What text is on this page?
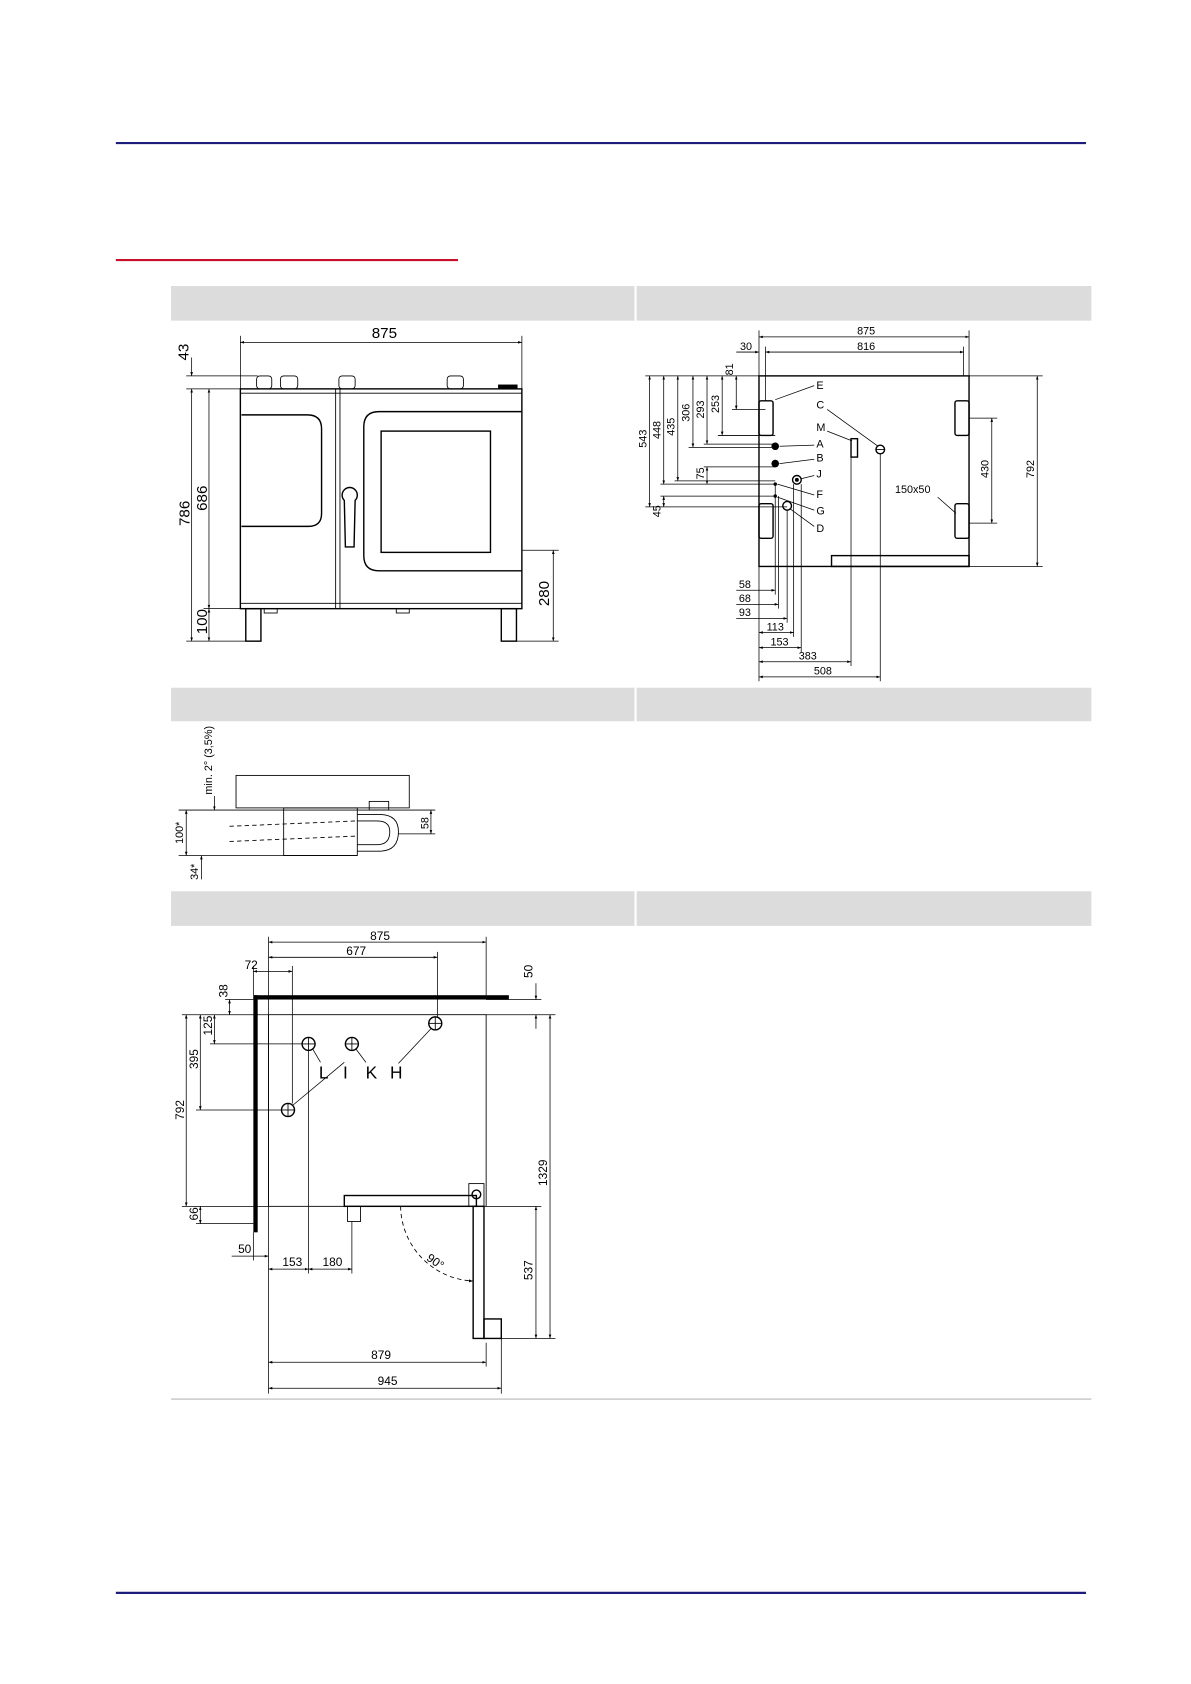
875
43
786
686
100
280
E
C
M
A
B
J
F
G
D
875
816
30
81
543 448 435
306 293 253
75
45
792
430
150x50
58
68
93
113
153
383
508
min. 2° (3,5%)
58
100*
34*
90°
L I K H
875
677
72	50
38
125
395
792
66
1329
537
50
153 180
879
945
